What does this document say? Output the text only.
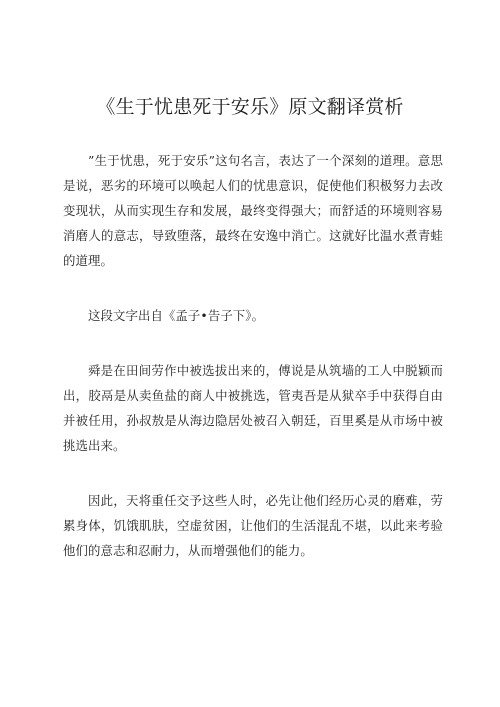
《生于忧患死于安乐》原文翻译赏析

”生于忧患，死于安乐”这句名言，表达了一个深刻的道理。意思是说，恶劣的环境可以唤起人们的忧患意识，促使他们积极努力去改变现状，从而实现生存和发展，最终变得强大；而舒适的环境则容易消磨人的意志，导致堕落，最终在安逸中消亡。这就好比温水煮青蛙的道理。

这段文字出自《孟子•告子下》。

舜是在田间劳作中被选拔出来的，傅说是从筑墙的工人中脱颖而出，胶鬲是从卖鱼盐的商人中被挑选，管夷吾是从狱卒手中获得自由并被任用，孙叔敖是从海边隐居处被召入朝廷，百里奚是从市场中被挑选出来。

因此，天将重任交予这些人时，必先让他们经历心灵的磨难，劳累身体，饥饿肌肤，空虚贫困，让他们的生活混乱不堪，以此来考验他们的意志和忍耐力，从而增强他们的能力。
